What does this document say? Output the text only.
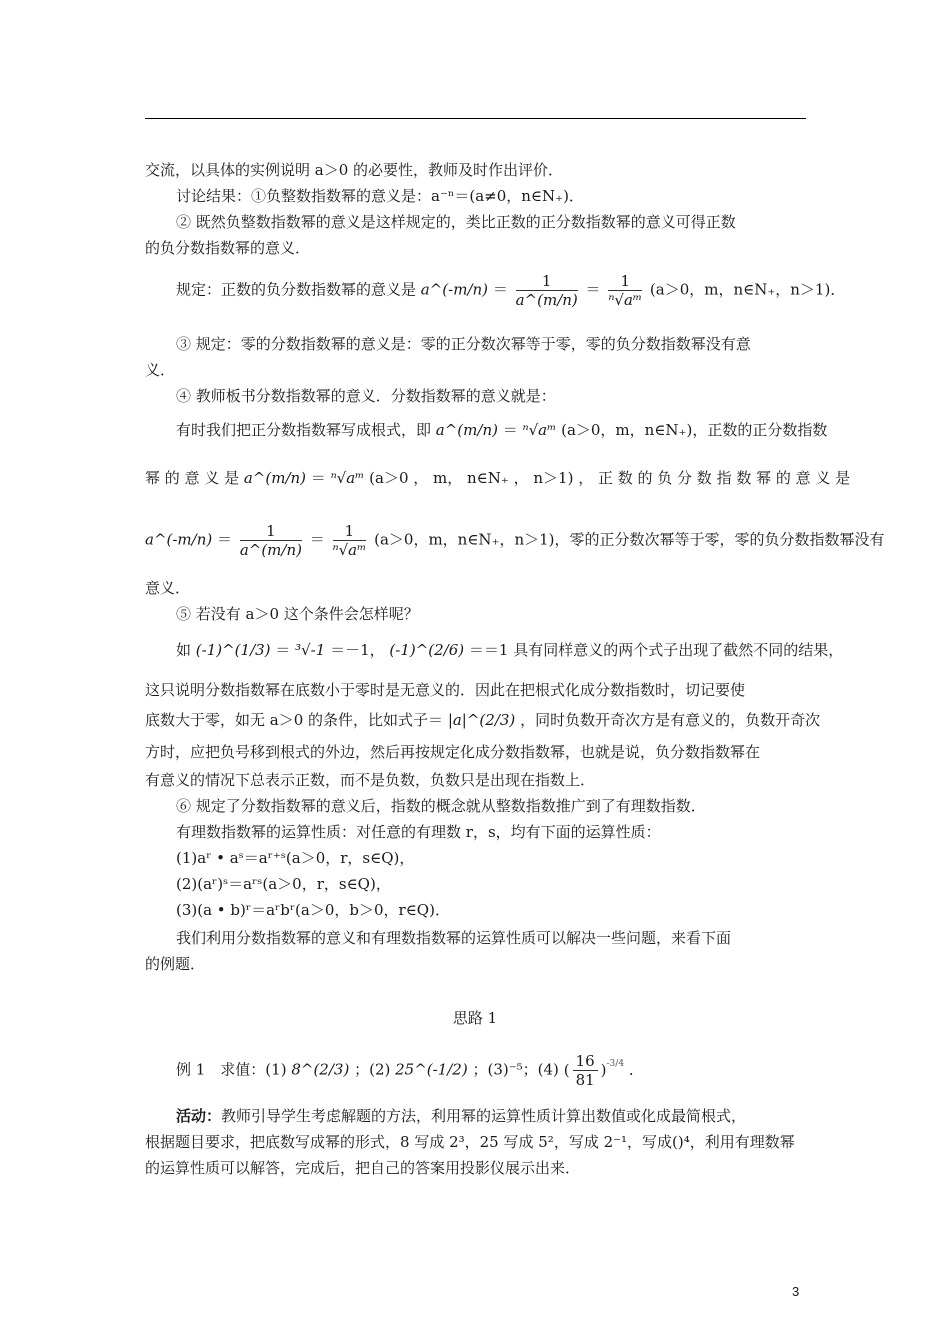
交流，以具体的实例说明 a＞0 的必要性，教师及时作出评价．
讨论结果：①负整数指数幂的意义是：a⁻ⁿ＝(a≠0，n∈N₊)．
② 既然负整数指数幂的意义是这样规定的，类比正数的正分数指数幂的意义可得正数
的负分数指数幂的意义．
规定：正数的负分数指数幂的意义是 a^(-m/n) ＝ $\frac{1}{a\^{}(m/n)} = \frac{1}{\text{ⁿ√aᵐ}} (a>0$，m，n∈N₊，n＞1)．
③ 规定：零的分数指数幂的意义是：零的正分数次幂等于零，零的负分数指数幂没有意
义．
④ 教师板书分数指数幂的意义．分数指数幂的意义就是：
有时我们把正分数指数幂写成根式，即 a^(m/n) ＝ ⁿ√aᵐ (a＞0，m，n∈N₊)，正数的正分数指数
幂 的 意 义 是 a^(m/n) ＝ ⁿ√aᵐ (a＞0 ， m， n∈N₊ ， n＞1) ， 正 数 的 负 分 数 指 数 幂 的 意 义 是
a^(-m/n) ＝ $\frac{1}{a\^{}(m/n)} = \frac{1}{\text{ⁿ√aᵐ}} (a>0$，m，n∈N₊，n＞1)，零的正分数次幂等于零，零的负分数指数幂没有
意义．
⑤ 若没有 a＞0 这个条件会怎样呢？
如 (-1)^(1/3) ＝ ³√-1 ＝－1， (-1)^(2/6) ＝＝1 具有同样意义的两个式子出现了截然不同的结果，
这只说明分数指数幂在底数小于零时是无意义的．因此在把根式化成分数指数时，切记要使
底数大于零，如无 a＞0 的条件，比如式子＝ |a|^(2/3) ，同时负数开奇次方是有意义的，负数开奇次
方时，应把负号移到根式的外边，然后再按规定化成分数指数幂，也就是说，负分数指数幂在
有意义的情况下总表示正数，而不是负数，负数只是出现在指数上．
⑥ 规定了分数指数幂的意义后，指数的概念就从整数指数推广到了有理数指数．
有理数指数幂的运算性质：对任意的有理数 r，s，均有下面的运算性质：
(1)aʳ • aˢ＝aʳ⁺ˢ(a＞0，r，s∈Q)，
(2)(aʳ)ˢ＝aʳˢ(a＞0，r，s∈Q)，
(3)(a • b)ʳ＝aʳbʳ(a＞0，b＞0，r∈Q)．
我们利用分数指数幂的意义和有理数指数幂的运算性质可以解决一些问题，来看下面
的例题．
思路 1
例 1　求值：(1) 8^(2/3) ；(2) 25^(-1/2) ；(3)⁻⁵；(4) ( $\frac{16}{81} )^{-3/4}$ ．
活动：教师引导学生考虑解题的方法，利用幂的运算性质计算出数值或化成最简根式，
根据题目要求，把底数写成幂的形式，8 写成 2³，25 写成 5²，写成 2⁻¹，写成()⁴，利用有理数幂
的运算性质可以解答，完成后，把自己的答案用投影仪展示出来．
3
